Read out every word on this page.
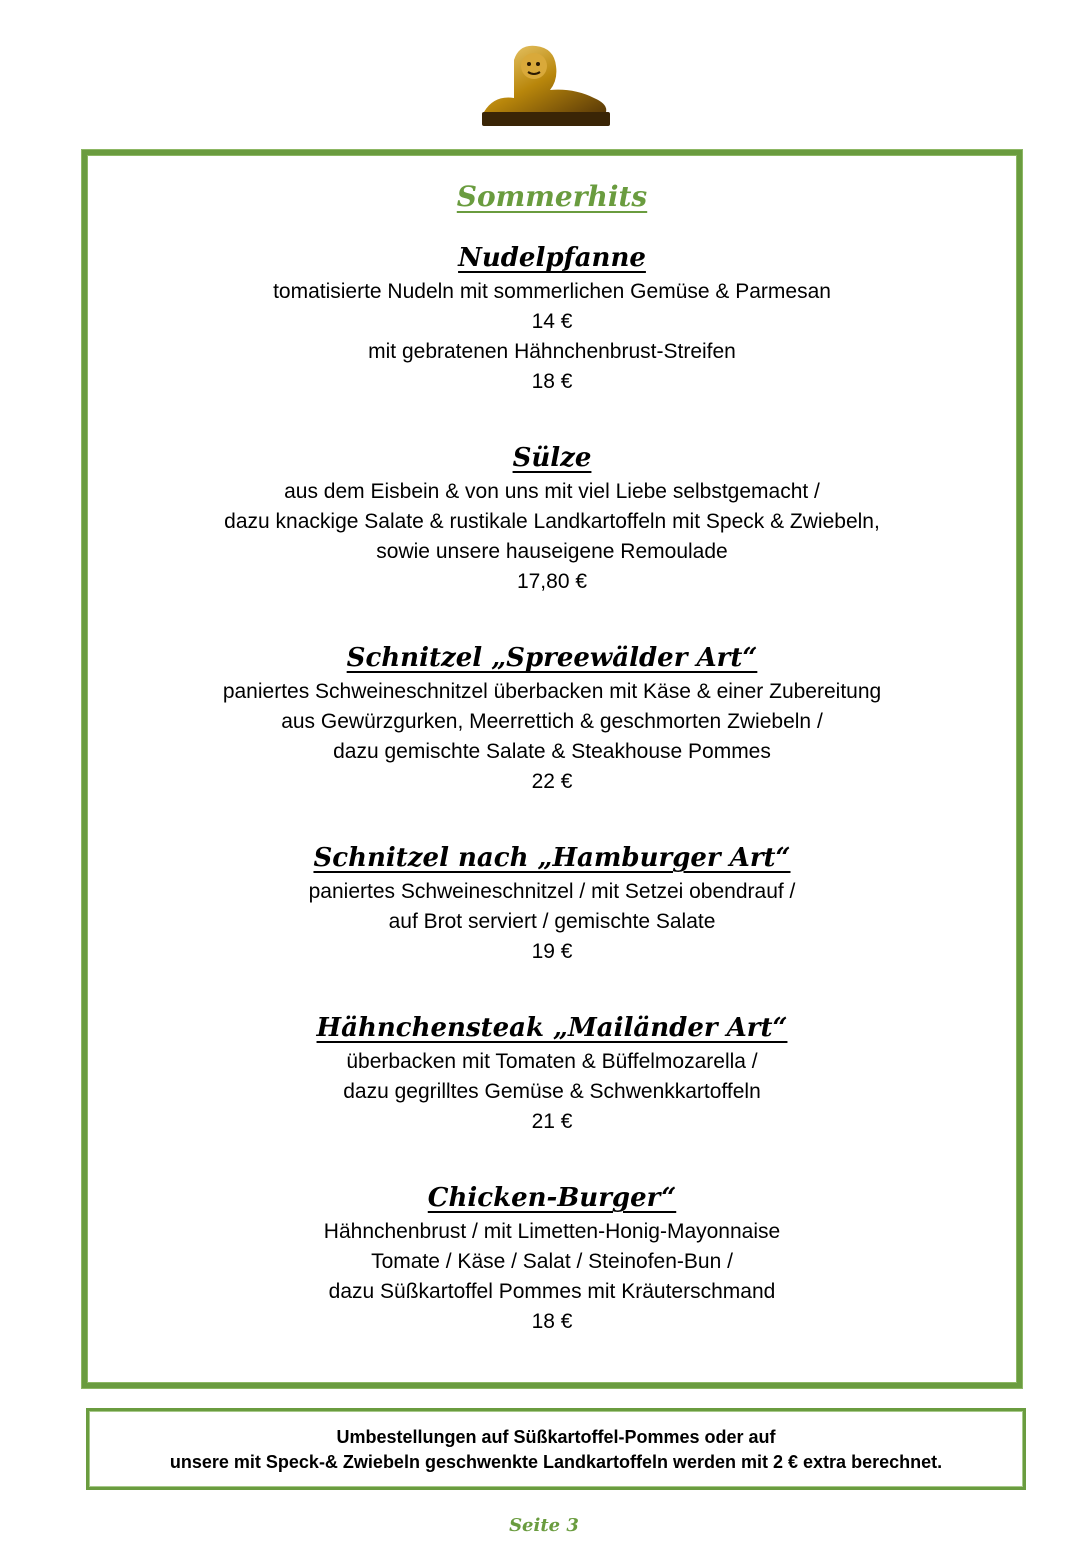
Sommerhits
Nudelpfanne
tomatisierte Nudeln mit sommerlichen Gemüse & Parmesan
14 €
mit gebratenen Hähnchenbrust-Streifen
18 €
Sülze
aus dem Eisbein & von uns mit viel Liebe selbstgemacht /
dazu knackige Salate & rustikale Landkartoffeln mit Speck & Zwiebeln,
sowie unsere hauseigene Remoulade
17,80 €
Schnitzel „Spreewälder Art“
paniertes Schweineschnitzel überbacken mit Käse & einer Zubereitung
aus Gewürzgurken, Meerrettich & geschmorten Zwiebeln /
dazu gemischte Salate & Steakhouse Pommes
22 €
Schnitzel nach „Hamburger Art“
paniertes Schweineschnitzel / mit Setzei obendrauf /
auf Brot serviert / gemischte Salate
19 €
Hähnchensteak „Mailänder Art“
überbacken mit Tomaten & Büffelmozarella /
dazu gegrilltes Gemüse & Schwenkkartoffeln
21 €
Chicken-Burger“
Hähnchenbrust / mit Limetten-Honig-Mayonnaise
Tomate / Käse / Salat / Steinofen-Bun /
dazu Süßkartoffel Pommes mit Kräuterschmand
18 €
Umbestellungen auf Süßkartoffel-Pommes oder auf
unsere mit Speck-& Zwiebeln geschwenkte Landkartoffeln werden mit 2 € extra berechnet.
Seite 3
